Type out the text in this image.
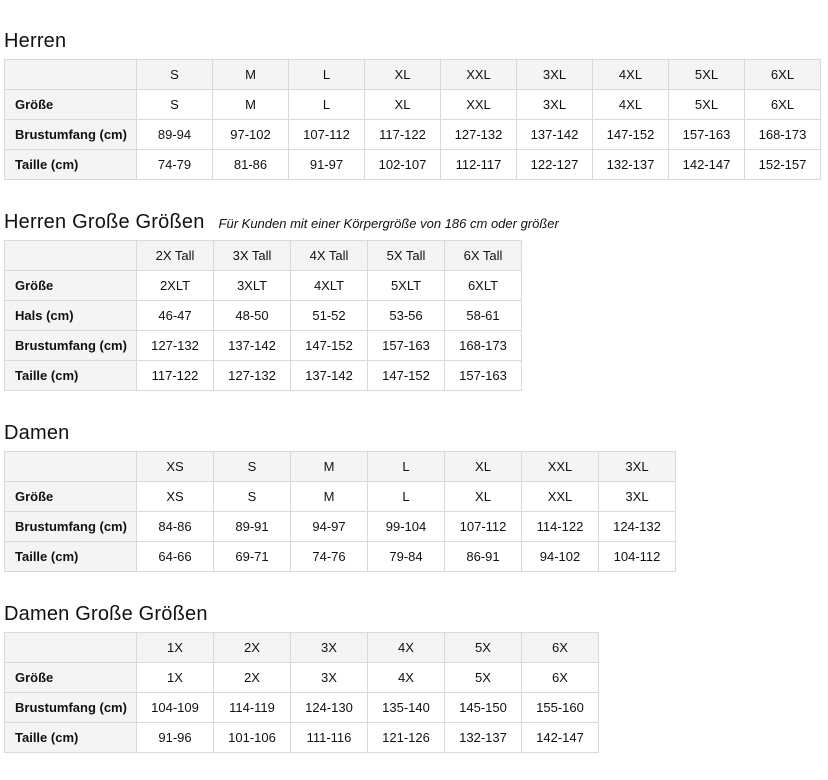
Herren
	S	M	L	XL	XXL	3XL	4XL	5XL	6XL
Größe	S	M	L	XL	XXL	3XL	4XL	5XL	6XL
Brustumfang (cm)	89-94	97-102	107-112	117-122	127-132	137-142	147-152	157-163	168-173
Taille (cm)	74-79	81-86	91-97	102-107	112-117	122-127	132-137	142-147	152-157
Herren Große Größen Für Kunden mit einer Körpergröße von 186 cm oder größer
	2X Tall	3X Tall	4X Tall	5X Tall	6X Tall
Größe	2XLT	3XLT	4XLT	5XLT	6XLT
Hals (cm)	46-47	48-50	51-52	53-56	58-61
Brustumfang (cm)	127-132	137-142	147-152	157-163	168-173
Taille (cm)	117-122	127-132	137-142	147-152	157-163
Damen
	XS	S	M	L	XL	XXL	3XL
Größe	XS	S	M	L	XL	XXL	3XL
Brustumfang (cm)	84-86	89-91	94-97	99-104	107-112	114-122	124-132
Taille (cm)	64-66	69-71	74-76	79-84	86-91	94-102	104-112
Damen Große Größen
	1X	2X	3X	4X	5X	6X
Größe	1X	2X	3X	4X	5X	6X
Brustumfang (cm)	104-109	114-119	124-130	135-140	145-150	155-160
Taille (cm)	91-96	101-106	111-116	121-126	132-137	142-147
